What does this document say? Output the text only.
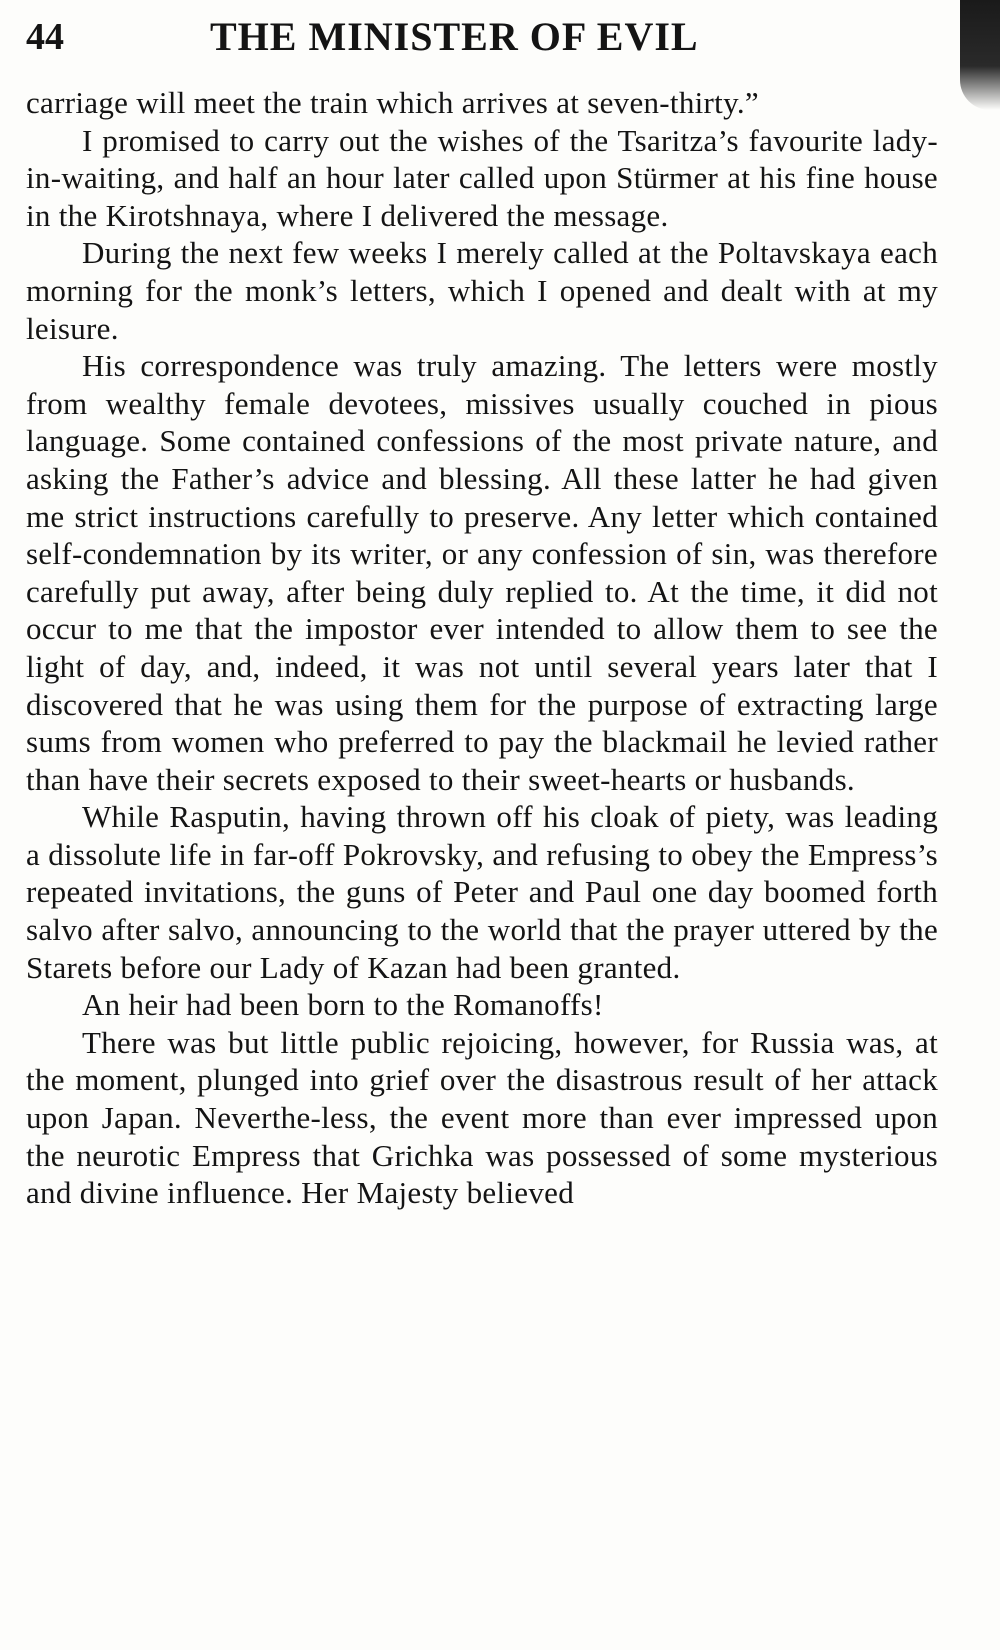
44	THE MINISTER OF EVIL

carriage will meet the train which arrives at seven-thirty.”

I promised to carry out the wishes of the Tsaritza’s favourite lady-in-waiting, and half an hour later called upon Stürmer at his fine house in the Kirotshnaya, where I delivered the message.

During the next few weeks I merely called at the Poltavskaya each morning for the monk’s letters, which I opened and dealt with at my leisure.

His correspondence was truly amazing. The letters were mostly from wealthy female devotees, missives usually couched in pious language. Some contained confessions of the most private nature, and asking the Father’s advice and blessing. All these latter he had given me strict instructions carefully to preserve. Any letter which contained self-condemnation by its writer, or any confession of sin, was therefore carefully put away, after being duly replied to. At the time, it did not occur to me that the impostor ever intended to allow them to see the light of day, and, indeed, it was not until several years later that I discovered that he was using them for the purpose of extracting large sums from women who preferred to pay the blackmail he levied rather than have their secrets exposed to their sweet-hearts or husbands.

While Rasputin, having thrown off his cloak of piety, was leading a dissolute life in far-off Pokrovsky, and refusing to obey the Empress’s repeated invitations, the guns of Peter and Paul one day boomed forth salvo after salvo, announcing to the world that the prayer uttered by the Starets before our Lady of Kazan had been granted.

An heir had been born to the Romanoffs!

There was but little public rejoicing, however, for Russia was, at the moment, plunged into grief over the disastrous result of her attack upon Japan. Neverthe-less, the event more than ever impressed upon the neurotic Empress that Grichka was possessed of some mysterious and divine influence. Her Majesty believed
